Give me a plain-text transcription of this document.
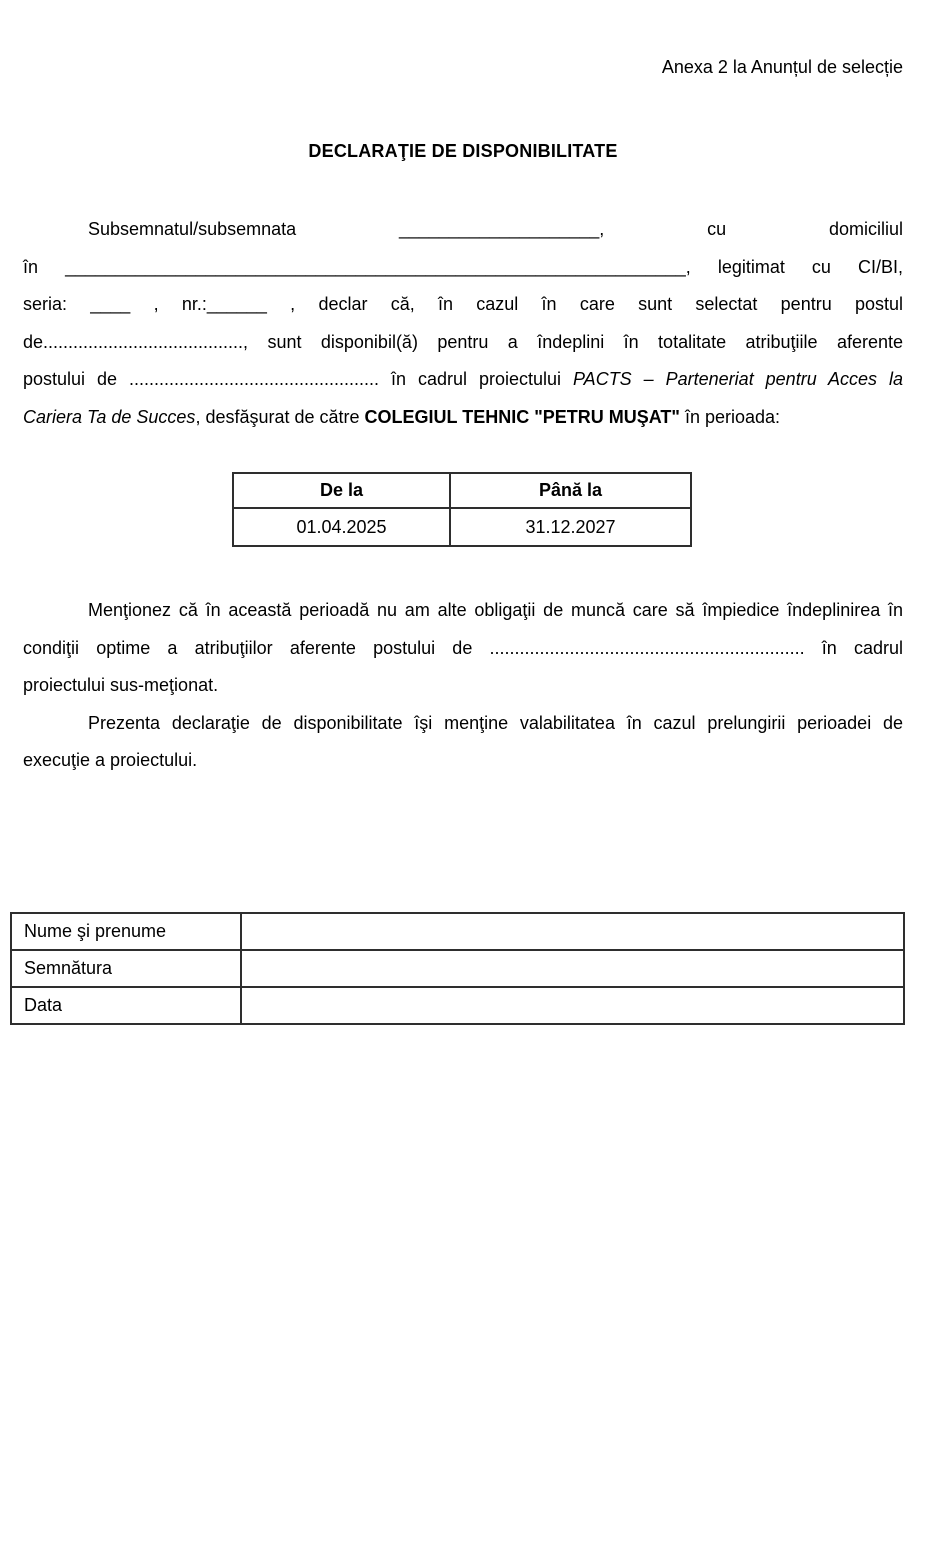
Anexa 2 la Anunțul de selecție
DECLARAŢIE DE DISPONIBILITATE
Subsemnatul/subsemnata ____________________, cu domiciliul
în ______________________________________________________________, legitimat cu CI/BI,
seria: ____ , nr.:______ , declar că, în cazul în care sunt selectat pentru postul
de........................................, sunt disponibil(ă) pentru a îndeplini în totalitate atribuţiile aferente
postului de .................................................. în cadrul proiectului PACTS – Parteneriat pentru Acces la
Cariera Ta de Succes, desfăşurat de către COLEGIUL TEHNIC "PETRU MUŞAT" în perioada:
De la	Până la
01.04.2025	31.12.2027
Menţionez că în această perioadă nu am alte obligaţii de muncă care să împiedice îndeplinirea în
condiţii optime a atribuţiilor aferente postului de ............................................................... în cadrul
proiectului sus-meţionat.
Prezenta declaraţie de disponibilitate îşi menţine valabilitatea în cazul prelungirii perioadei de
execuţie a proiectului.
Nume şi prenume	
Semnătura	
Data	
